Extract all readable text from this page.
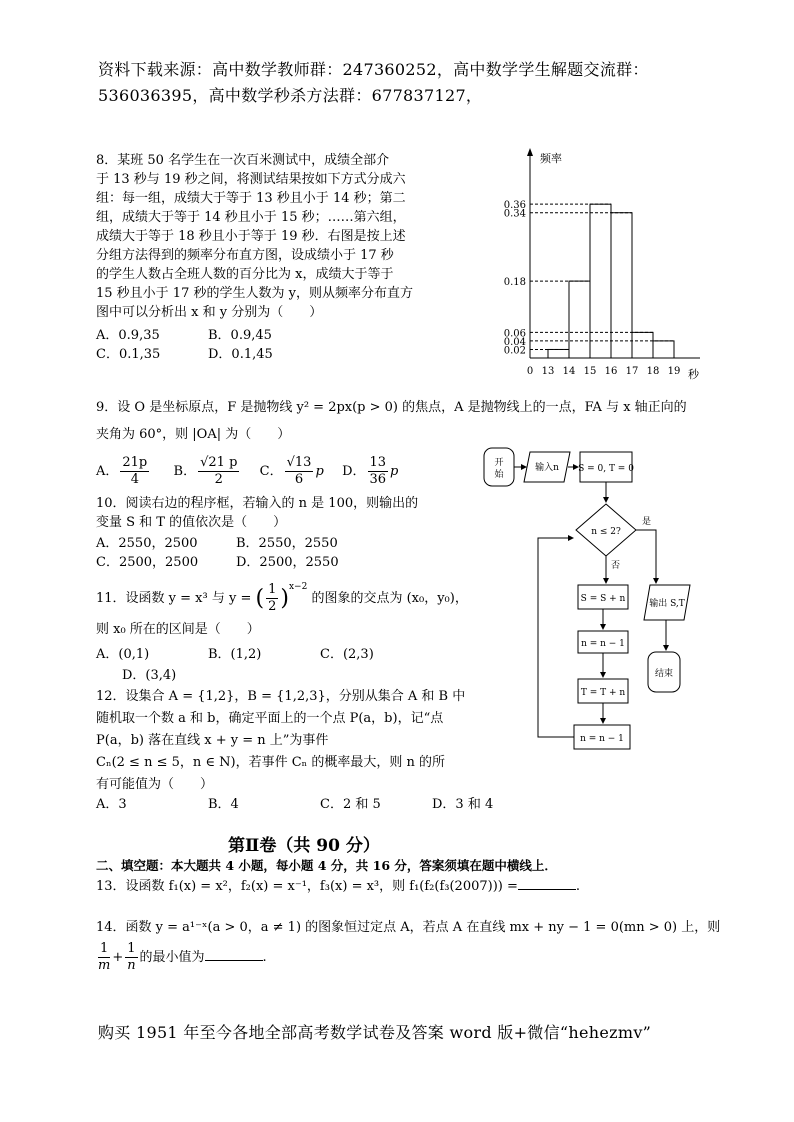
资料下载来源：高中数学教师群：247360252，高中数学学生解题交流群：
536036395，高中数学秒杀方法群：677837127，
8．某班 50 名学生在一次百米测试中，成绩全部介
于 13 秒与 19 秒之间，将测试结果按如下方式分成六
组：每一组，成绩大于等于 13 秒且小于 14 秒；第二
组，成绩大于等于 14 秒且小于 15 秒；……第六组，
成绩大于等于 18 秒且小于等于 19 秒．右图是按上述
分组方法得到的频率分布直方图，设成绩小于 17 秒
的学生人数占全班人数的百分比为 x，成绩大于等于
15 秒且小于 17 秒的学生人数为 y，则从频率分布直方
图中可以分析出 x 和 y 分别为（　　）
A．0.9,35	B．0.9,45
C．0.1,35	D．0.1,45
频率
秒
0.02
0.04
0.06
0.18
0.34
0.36
0 13 14 15 16 17 18 19
9．设 O 是坐标原点，F 是抛物线 y² = 2px(p > 0) 的焦点，A 是抛物线上的一点，FA 与 x 轴正向的
夹角为 60°，则 |OA| 为（　　）
A． $\frac{21p}{4}$ B． $\frac{√21 p}{2}$ C． $\frac{√13}{6}$ p D． $\frac{13}{36}$ p
10．阅读右边的程序框，若输入的 n 是 100，则输出的
变量 S 和 T 的值依次是（　　）
A．2550，2500	B．2550，2550
C．2500，2500	D．2500，2550
开始
输入n S = 0, T = 0
n ≤ 2?
是
否
S = S + n
n = n − 1
T = T + n
n = n − 1
输出 S,T
结束
11．设函数 y = x³ 与 y = ( $\frac{1}{2} )^{x-2}$ 的图象的交点为 (x₀，y₀)，
则 x₀ 所在的区间是（　　）
A．(0,1)	B．(1,2)	C．(2,3)
D．(3,4)
12．设集合 A = {1,2}，B = {1,2,3}，分别从集合 A 和 B 中
随机取一个数 a 和 b，确定平面上的一个点 P(a，b)，记“点
P(a，b) 落在直线 x + y = n 上”为事件
Cₙ(2 ≤ n ≤ 5，n ∈ N)，若事件 Cₙ 的概率最大，则 n 的所
有可能值为（　　）
A．3	B．4	C．2 和 5	D．3 和 4
第Ⅱ卷（共 90 分）
二、填空题：本大题共 4 小题，每小题 4 分，共 16 分，答案须填在题中横线上．
13．设函数 f₁(x) = x²，f₂(x) = x⁻¹，f₃(x) = x³，则 f₁(f₂(f₃(2007))) =	.
14．函数 y = a¹⁻ˣ(a > 0，a ≠ 1) 的图象恒过定点 A，若点 A 在直线 mx + ny − 1 = 0(mn > 0) 上，则
$\frac{1}{m} + \frac{1}{n}$ 的最小值为	.
购买 1951 年至今各地全部高考数学试卷及答案 word 版+微信“hehezmv”
